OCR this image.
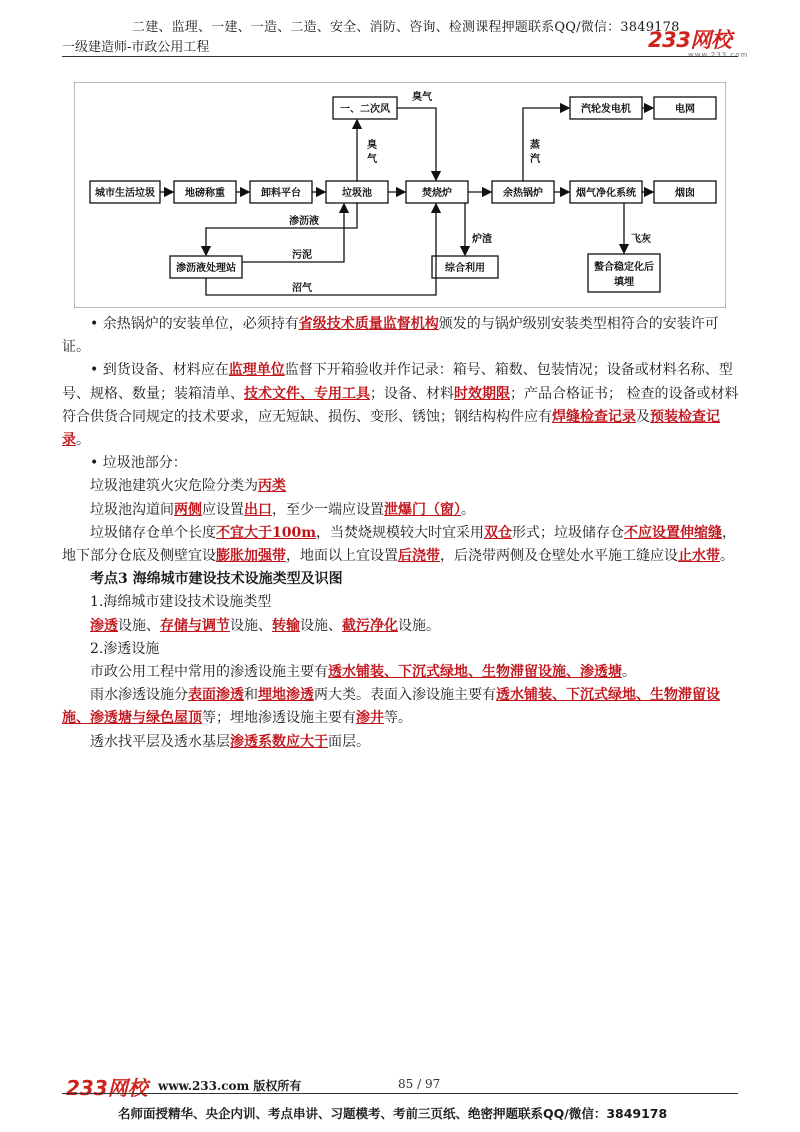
二建、监理、一建、一造、二造、安全、消防、咨询、检测课程押题联系QQ/微信：3849178
一级建造师-市政公用工程	233网校
www.233.com
城市生活垃圾	地磅称重	卸料平台	垃圾池	焚烧炉	余热锅炉	烟气净化系统	烟囱
一、二次风	汽轮发电机	电网
渗沥液处理站	综合利用	螯合稳定化后
填埋
臭气
臭
气
蒸
汽
渗沥液
污泥
沼气
炉渣	飞灰

• 余热锅炉的安装单位，必须持有省级技术质量监督机构颁发的与锅炉级别安装类型相符合的安装许可证。

• 到货设备、材料应在监理单位监督下开箱验收并作记录：箱号、箱数、包装情况；设备或材料名称、型号、规格、数量；装箱清单、技术文件、专用工具；设备、材料时效期限；产品合格证书； 检查的设备或材料符合供货合同规定的技术要求，应无短缺、损伤、变形、锈蚀；钢结构构件应有焊缝检查记录及预装检查记录。

• 垃圾池部分：

垃圾池建筑火灾危险分类为丙类

垃圾池沟道间两侧应设置出口，至少一端应设置泄爆门（窗）。

垃圾储存仓单个长度不宜大于100m，当焚烧规模较大时宜采用双仓形式；垃圾储存仓不应设置伸缩缝，地下部分仓底及侧壁宜设膨胀加强带，地面以上宜设置后浇带，后浇带两侧及仓壁处水平施工缝应设止水带。

考点3 海绵城市建设技术设施类型及识图

1.海绵城市建设技术设施类型

渗透设施、存储与调节设施、转输设施、截污净化设施。

2.渗透设施

市政公用工程中常用的渗透设施主要有透水铺装、下沉式绿地、生物滞留设施、渗透塘。

雨水渗透设施分表面渗透和埋地渗透两大类。表面入渗设施主要有透水铺装、下沉式绿地、生物滞留设施、渗透塘与绿色屋顶等；埋地渗透设施主要有渗井等。

透水找平层及透水基层渗透系数应大于面层。

233网校 www.233.com 版权所有	85 / 97
名师面授精华、央企内训、考点串讲、习题模考、考前三页纸、绝密押题联系QQ/微信：3849178
